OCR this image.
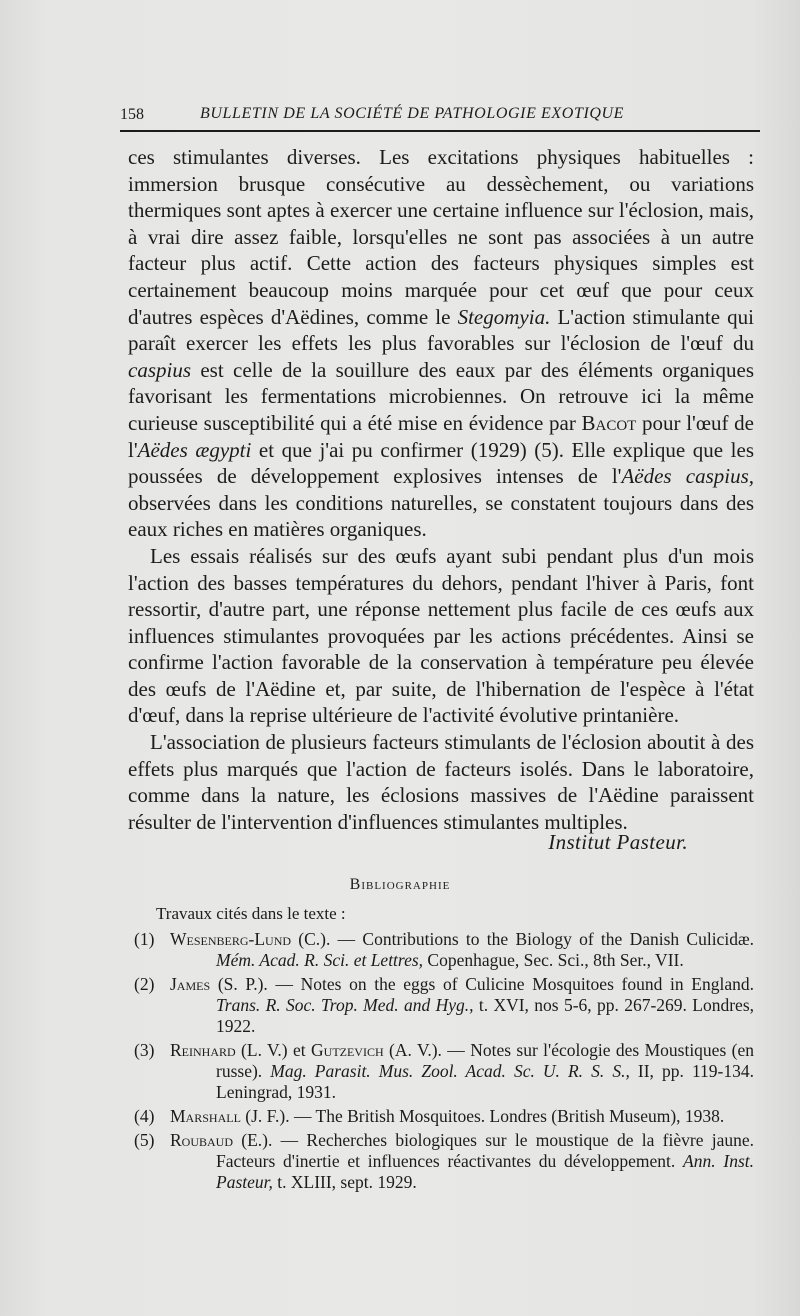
158	BULLETIN DE LA SOCIÉTÉ DE PATHOLOGIE EXOTIQUE

ces stimulantes diverses. Les excitations physiques habituelles : immersion brusque consécutive au dessèchement, ou variations thermiques sont aptes à exercer une certaine influence sur l'éclosion, mais, à vrai dire assez faible, lorsqu'elles ne sont pas associées à un autre facteur plus actif. Cette action des facteurs physiques simples est certainement beaucoup moins marquée pour cet œuf que pour ceux d'autres espèces d'Aëdines, comme le Stegomyia. L'action stimulante qui paraît exercer les effets les plus favorables sur l'éclosion de l'œuf du caspius est celle de la souillure des eaux par des éléments organiques favorisant les fermentations microbiennes. On retrouve ici la même curieuse susceptibilité qui a été mise en évidence par Bacot pour l'œuf de l'Aëdes ægypti et que j'ai pu confirmer (1929) (5). Elle explique que les poussées de développement explosives intenses de l'Aëdes caspius, observées dans les conditions naturelles, se constatent toujours dans des eaux riches en matières organiques.

Les essais réalisés sur des œufs ayant subi pendant plus d'un mois l'action des basses températures du dehors, pendant l'hiver à Paris, font ressortir, d'autre part, une réponse nettement plus facile de ces œufs aux influences stimulantes provoquées par les actions précédentes. Ainsi se confirme l'action favorable de la conservation à température peu élevée des œufs de l'Aëdine et, par suite, de l'hibernation de l'espèce à l'état d'œuf, dans la reprise ultérieure de l'activité évolutive printanière.

L'association de plusieurs facteurs stimulants de l'éclosion aboutit à des effets plus marqués que l'action de facteurs isolés. Dans le laboratoire, comme dans la nature, les éclosions massives de l'Aëdine paraissent résulter de l'intervention d'influences stimulantes multiples.

Institut Pasteur.
Bibliographie
Travaux cités dans le texte :
(1) Wesenberg-Lund (C.). — Contributions to the Biology of the Danish Culicidæ. Mém. Acad. R. Sci. et Lettres, Copenhague, Sec. Sci., 8th Ser., VII.
(2) James (S. P.). — Notes on the eggs of Culicine Mosquitoes found in England. Trans. R. Soc. Trop. Med. and Hyg., t. XVI, nos 5-6, pp. 267-269. Londres, 1922.
(3) Reinhard (L. V.) et Gutzevich (A. V.). — Notes sur l'écologie des Moustiques (en russe). Mag. Parasit. Mus. Zool. Acad. Sc. U. R. S. S., II, pp. 119-134. Leningrad, 1931.
(4) Marshall (J. F.). — The British Mosquitoes. Londres (British Museum), 1938.
(5) Roubaud (E.). — Recherches biologiques sur le moustique de la fièvre jaune. Facteurs d'inertie et influences réactivantes du développement. Ann. Inst. Pasteur, t. XLIII, sept. 1929.
